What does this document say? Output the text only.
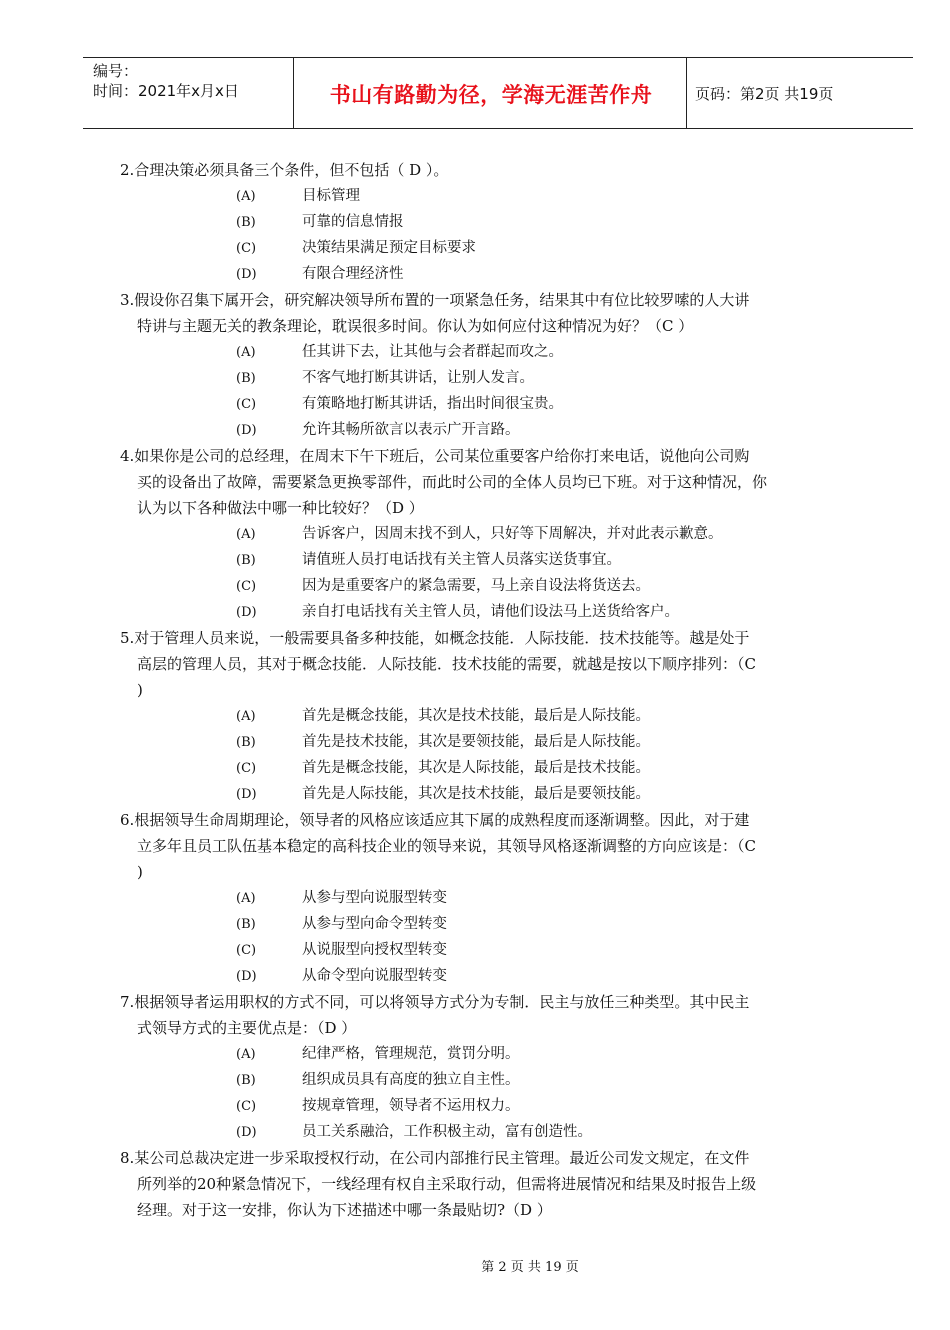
编号：
时间：2021年x月x日	书山有路勤为径，学海无涯苦作舟	页码：第2页 共19页
2.合理决策必须具备三个条件，但不包括（ D ）。
(A)	目标管理
(B)	可靠的信息情报
(C)	决策结果满足预定目标要求
(D)	有限合理经济性
3.假设你召集下属开会，研究解决领导所布置的一项紧急任务，结果其中有位比较罗嗦的人大讲
特讲与主题无关的教条理论，耽误很多时间。你认为如何应付这种情况为好？（C ）
(A)	任其讲下去，让其他与会者群起而攻之。
(B)	不客气地打断其讲话，让别人发言。
(C)	有策略地打断其讲话，指出时间很宝贵。
(D)	允许其畅所欲言以表示广开言路。
4.如果你是公司的总经理，在周末下午下班后，公司某位重要客户给你打来电话，说他向公司购
买的设备出了故障，需要紧急更换零部件，而此时公司的全体人员均已下班。对于这种情况，你
认为以下各种做法中哪一种比较好？（D ）
(A)	告诉客户，因周末找不到人，只好等下周解决，并对此表示歉意。
(B)	请值班人员打电话找有关主管人员落实送货事宜。
(C)	因为是重要客户的紧急需要，马上亲自设法将货送去。
(D)	亲自打电话找有关主管人员，请他们设法马上送货给客户。
5.对于管理人员来说，一般需要具备多种技能，如概念技能．人际技能．技术技能等。越是处于
高层的管理人员，其对于概念技能．人际技能．技术技能的需要，就越是按以下顺序排列：（C
)
(A)	首先是概念技能，其次是技术技能，最后是人际技能。
(B)	首先是技术技能，其次是要领技能，最后是人际技能。
(C)	首先是概念技能，其次是人际技能，最后是技术技能。
(D)	首先是人际技能，其次是技术技能，最后是要领技能。
6.根据领导生命周期理论，领导者的风格应该适应其下属的成熟程度而逐渐调整。因此，对于建
立多年且员工队伍基本稳定的高科技企业的领导来说，其领导风格逐渐调整的方向应该是：（C
)
(A)	从参与型向说服型转变
(B)	从参与型向命令型转变
(C)	从说服型向授权型转变
(D)	从命令型向说服型转变
7.根据领导者运用职权的方式不同，可以将领导方式分为专制．民主与放任三种类型。其中民主
式领导方式的主要优点是：（D ）
(A)	纪律严格，管理规范，赏罚分明。
(B)	组织成员具有高度的独立自主性。
(C)	按规章管理，领导者不运用权力。
(D)	员工关系融洽，工作积极主动，富有创造性。
8.某公司总裁决定进一步采取授权行动，在公司内部推行民主管理。最近公司发文规定，在文件
所列举的20种紧急情况下，一线经理有权自主采取行动，但需将进展情况和结果及时报告上级
经理。对于这一安排，你认为下述描述中哪一条最贴切?（D ）
第 2 页 共 19 页
